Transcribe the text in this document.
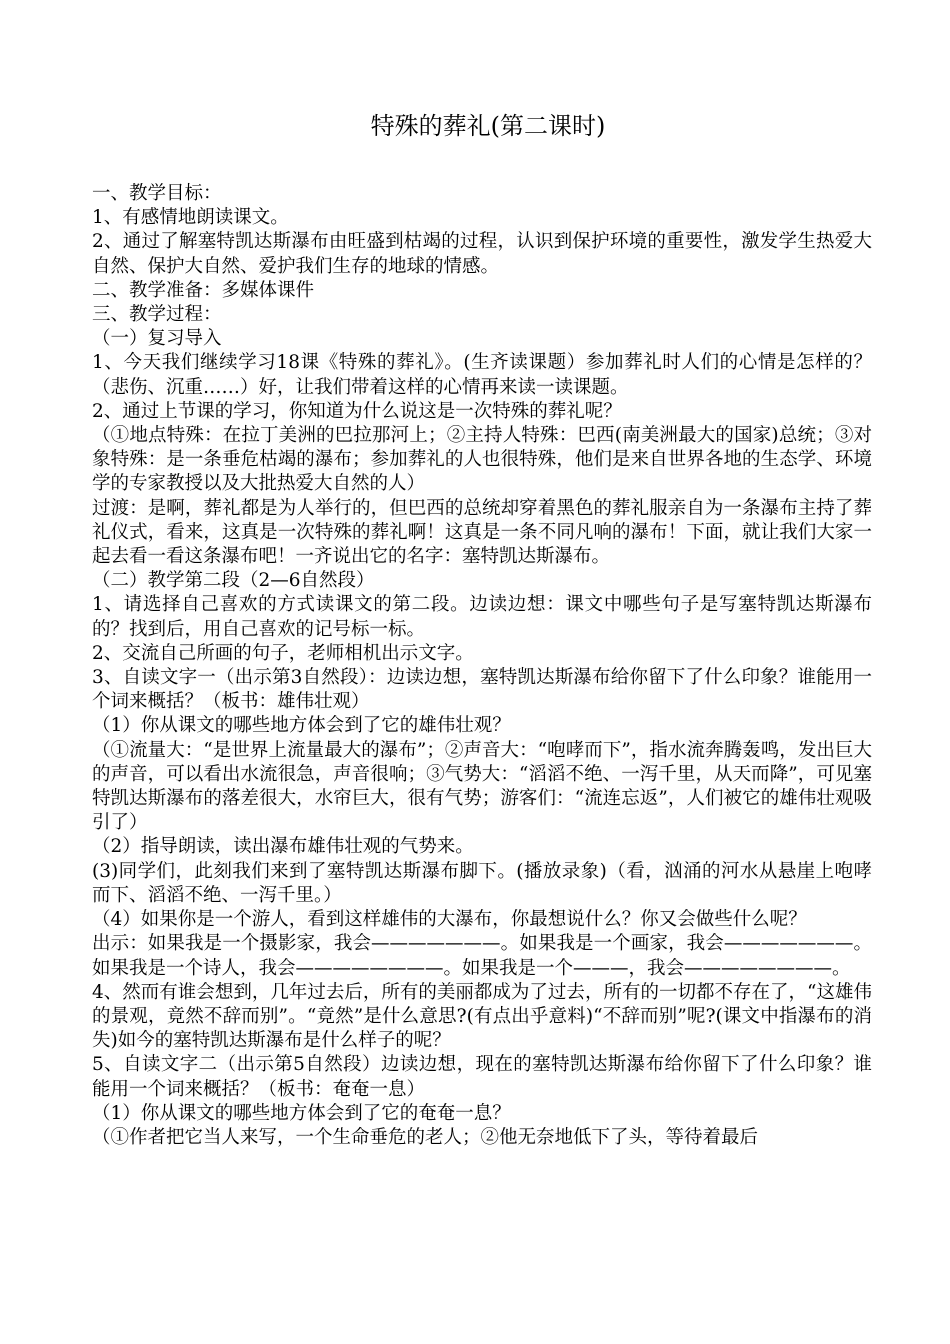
特殊的葬礼(第二课时)

一、教学目标：

1、有感情地朗读课文。

2、通过了解塞特凯达斯瀑布由旺盛到枯竭的过程，认识到保护环境的重要性，激发学生热爱大自然、保护大自然、爱护我们生存的地球的情感。

二、教学准备：多媒体课件

三、教学过程：

（一）复习导入

1、今天我们继续学习18课《特殊的葬礼》。(生齐读课题）参加葬礼时人们的心情是怎样的？（悲伤、沉重……）好，让我们带着这样的心情再来读一读课题。

2、通过上节课的学习，你知道为什么说这是一次特殊的葬礼呢？

（①地点特殊：在拉丁美洲的巴拉那河上；②主持人特殊：巴西(南美洲最大的国家)总统；③对象特殊：是一条垂危枯竭的瀑布；参加葬礼的人也很特殊，他们是来自世界各地的生态学、环境学的专家教授以及大批热爱大自然的人）

过渡：是啊，葬礼都是为人举行的，但巴西的总统却穿着黑色的葬礼服亲自为一条瀑布主持了葬礼仪式，看来，这真是一次特殊的葬礼啊！这真是一条不同凡响的瀑布！下面，就让我们大家一起去看一看这条瀑布吧！一齐说出它的名字：塞特凯达斯瀑布。

（二）教学第二段（2—6自然段）

1、请选择自己喜欢的方式读课文的第二段。边读边想：课文中哪些句子是写塞特凯达斯瀑布的？找到后，用自己喜欢的记号标一标。

2、交流自己所画的句子，老师相机出示文字。

3、自读文字一（出示第3自然段）：边读边想，塞特凯达斯瀑布给你留下了什么印象？谁能用一个词来概括？（板书：雄伟壮观）

（1）你从课文的哪些地方体会到了它的雄伟壮观？

（①流量大：“是世界上流量最大的瀑布”；②声音大：“咆哮而下”，指水流奔腾轰鸣，发出巨大的声音，可以看出水流很急，声音很响；③气势大：“滔滔不绝、一泻千里，从天而降”，可见塞特凯达斯瀑布的落差很大，水帘巨大，很有气势；游客们：“流连忘返”，人们被它的雄伟壮观吸引了）

（2）指导朗读，读出瀑布雄伟壮观的气势来。

(3)同学们，此刻我们来到了塞特凯达斯瀑布脚下。(播放录象)（看，汹涌的河水从悬崖上咆哮而下、滔滔不绝、一泻千里。）

（4）如果你是一个游人，看到这样雄伟的大瀑布，你最想说什么？你又会做些什么呢？

出示：如果我是一个摄影家，我会———————。如果我是一个画家，我会———————。如果我是一个诗人，我会————————。如果我是一个———，我会————————。

4、然而有谁会想到，几年过去后，所有的美丽都成为了过去，所有的一切都不存在了，“这雄伟的景观，竟然不辞而别”。“竟然”是什么意思?(有点出乎意料)“不辞而别”呢?(课文中指瀑布的消失)如今的塞特凯达斯瀑布是什么样子的呢？

5、自读文字二（出示第5自然段）边读边想，现在的塞特凯达斯瀑布给你留下了什么印象？谁能用一个词来概括？（板书：奄奄一息）

（1）你从课文的哪些地方体会到了它的奄奄一息？

（①作者把它当人来写，一个生命垂危的老人；②他无奈地低下了头，等待着最后
